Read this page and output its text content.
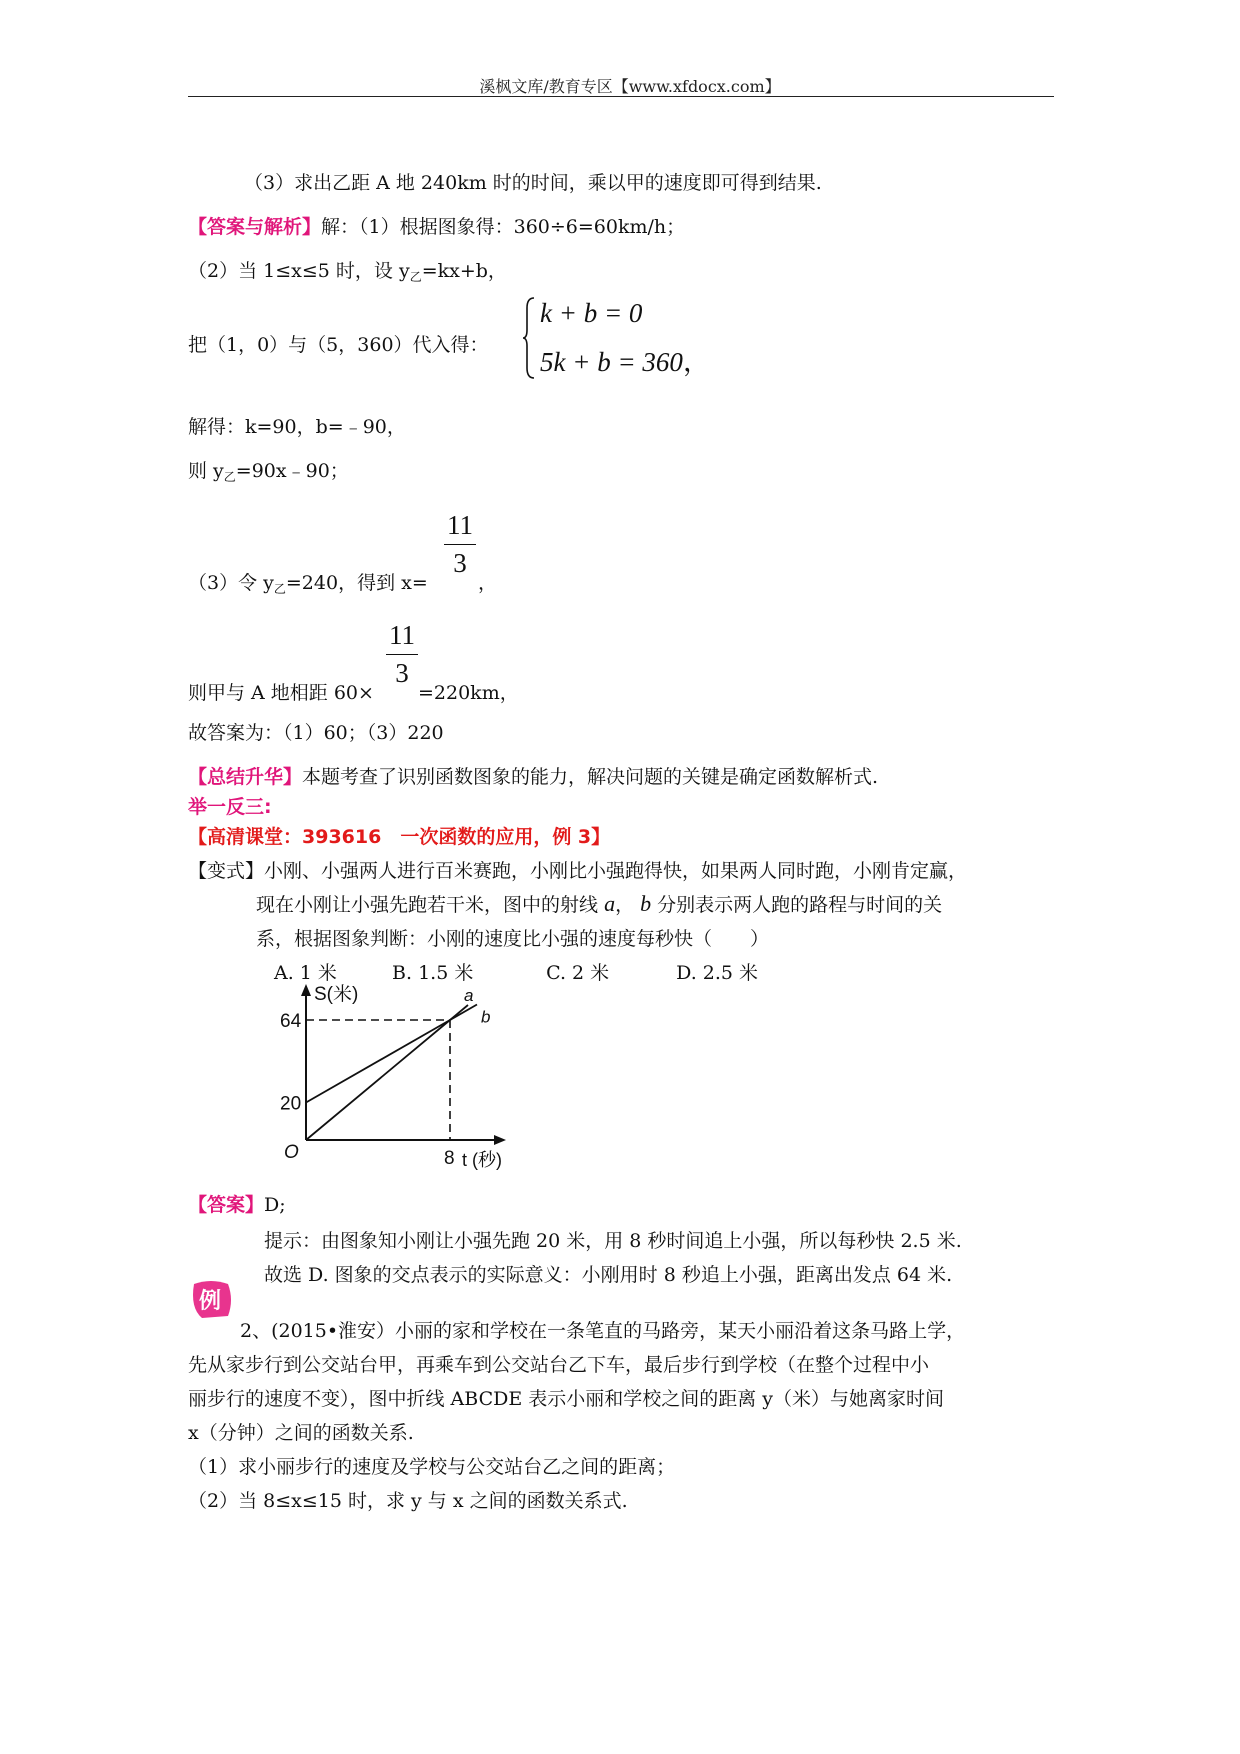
溪枫文库/教育专区【www.xfdocx.com】
（3）求出乙距 A 地 240km 时的时间，乘以甲的速度即可得到结果.
【答案与解析】解：（1）根据图象得：360÷6=60km/h；
（2）当 1≤x≤5 时，设 $y_乙=kx+b$，
把（1，0）与（5，360）代入得：
k + b = 0
5k + b = 360，
解得：k=90，b=﹣90，
则 $y_乙=90x﹣90$；
11
3
（3）令 $y_乙=240$，得到 x=	，
11
3
则甲与 A 地相距 60× =220km，
故答案为：（1）60；（3）220
【总结升华】本题考查了识别函数图象的能力，解决问题的关键是确定函数解析式.
举一反三:
【高清课堂：393616　一次函数的应用，例 3】
【变式】小刚、小强两人进行百米赛跑，小刚比小强跑得快，如果两人同时跑，小刚肯定赢，
现在小刚让小强先跑若干米，图中的射线 a， b 分别表示两人跑的路程与时间的关
系，根据图象判断：小刚的速度比小强的速度每秒快（　　）
A. 1 米	B. 1.5 米	C. 2 米	D. 2.5 米
S(米)
t (秒)
O
64
20
8
a
b
【答案】D;
提示：由图象知小刚让小强先跑 20 米，用 8 秒时间追上小强，所以每秒快 2.5 米.
故选 D. 图象的交点表示的实际意义：小刚用时 8 秒追上小强，距离出发点 64 米.
例
2、(2015•淮安）小丽的家和学校在一条笔直的马路旁，某天小丽沿着这条马路上学，
先从家步行到公交站台甲，再乘车到公交站台乙下车，最后步行到学校（在整个过程中小
丽步行的速度不变），图中折线 ABCDE 表示小丽和学校之间的距离 y（米）与她离家时间
x（分钟）之间的函数关系.
（1）求小丽步行的速度及学校与公交站台乙之间的距离；
（2）当 8≤x≤15 时，求 y 与 x 之间的函数关系式.
